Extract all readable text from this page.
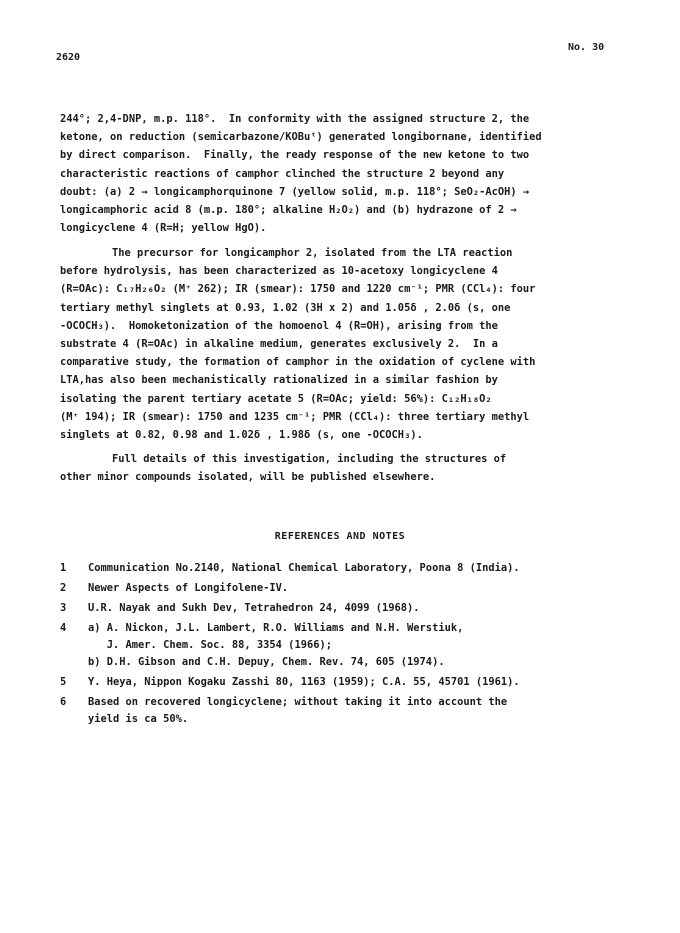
2620
No. 30
244°; 2,4-DNP, m.p. 118°.  In conformity with the assigned structure 2, the
ketone, on reduction (semicarbazone/KOBuᵗ) generated longibornane, identified
by direct comparison.  Finally, the ready response of the new ketone to two
characteristic reactions of camphor clinched the structure 2 beyond any
doubt: (a) 2 → longicamphorquinone 7 (yellow solid, m.p. 118°; SeO₂-AcOH) →
longicamphoric acid 8 (m.p. 180°; alkaline H₂O₂) and (b) hydrazone of 2 →
longicyclene 4 (R=H; yellow HgO).
The precursor for longicamphor 2, isolated from the LTA reaction
before hydrolysis, has been characterized as 10-acetoxy longicyclene 4
(R=OAc): C₁₇H₂₆O₂ (M⁺ 262); IR (smear): 1750 and 1220 cm⁻¹; PMR (CCl₄): four
tertiary methyl singlets at 0.93, 1.02 (3H x 2) and 1.05δ , 2.0δ (s, one
-OCOCH₃).  Homoketonization of the homoenol 4 (R=OH), arising from the
substrate 4 (R=OAc) in alkaline medium, generates exclusively 2.  In a
comparative study, the formation of camphor in the oxidation of cyclene with
LTA,has also been mechanistically rationalized in a similar fashion by
isolating the parent tertiary acetate 5 (R=OAc; yield: 56%): C₁₂H₁₈O₂
(M⁺ 194); IR (smear): 1750 and 1235 cm⁻¹; PMR (CCl₄): three tertiary methyl
singlets at 0.82, 0.98 and 1.02δ , 1.98δ (s, one -OCOCH₃).
Full details of this investigation, including the structures of
other minor compounds isolated, will be published elsewhere.
REFERENCES AND NOTES
1	Communication No.2140, National Chemical Laboratory, Poona 8 (India).
2	Newer Aspects of Longifolene-IV.
3	U.R. Nayak and Sukh Dev, Tetrahedron 24, 4099 (1968).
4	a) A. Nickon, J.L. Lambert, R.O. Williams and N.H. Werstiuk,
J. Amer. Chem. Soc. 88, 3354 (1966);
b) D.H. Gibson and C.H. Depuy, Chem. Rev. 74, 605 (1974).
5	Y. Heya, Nippon Kogaku Zasshi 80, 1163 (1959); C.A. 55, 45701 (1961).
6	Based on recovered longicyclene; without taking it into account the
yield is ca 50%.
